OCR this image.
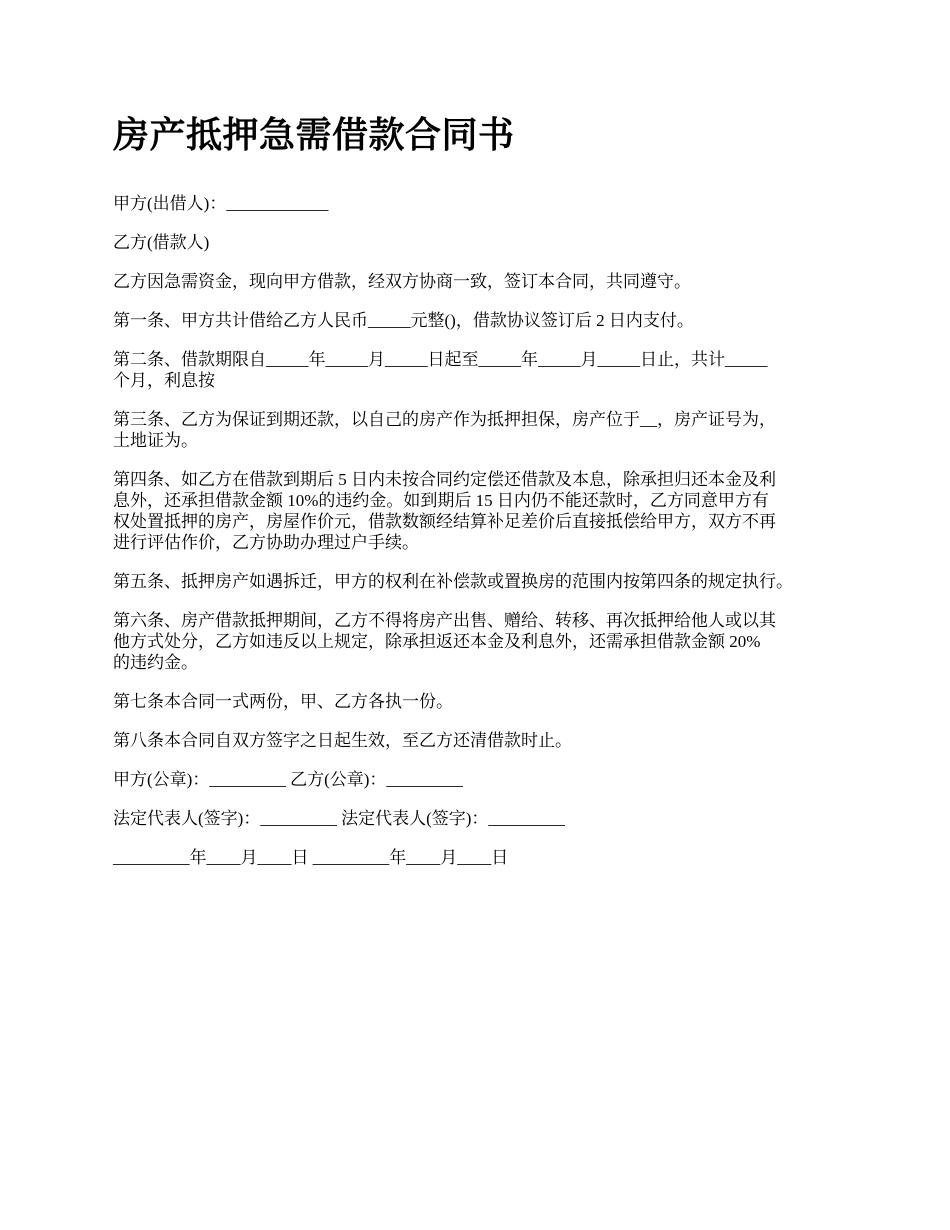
房产抵押急需借款合同书

甲方(出借人)：____________

乙方(借款人)

乙方因急需资金，现向甲方借款，经双方协商一致，签订本合同，共同遵守。

第一条、甲方共计借给乙方人民币_____元整()，借款协议签订后 2 日内支付。

第二条、借款期限自_____年_____月_____日起至_____年_____月_____日止，共计_____
个月，利息按

第三条、乙方为保证到期还款，以自己的房产作为抵押担保，房产位于__，房产证号为，
土地证为。

第四条、如乙方在借款到期后 5 日内未按合同约定偿还借款及本息，除承担归还本金及利
息外，还承担借款金额 10%的违约金。如到期后 15 日内仍不能还款时，乙方同意甲方有
权处置抵押的房产，房屋作价元，借款数额经结算补足差价后直接抵偿给甲方，双方不再
进行评估作价，乙方协助办理过户手续。

第五条、抵押房产如遇拆迁，甲方的权利在补偿款或置换房的范围内按第四条的规定执行。

第六条、房产借款抵押期间，乙方不得将房产出售、赠给、转移、再次抵押给他人或以其
他方式处分，乙方如违反以上规定，除承担返还本金及利息外，还需承担借款金额 20%
的违约金。

第七条本合同一式两份，甲、乙方各执一份。

第八条本合同自双方签字之日起生效，至乙方还清借款时止。

甲方(公章)：_________ 乙方(公章)：_________

法定代表人(签字)：_________ 法定代表人(签字)：_________

_________年____月____日 _________年____月____日
